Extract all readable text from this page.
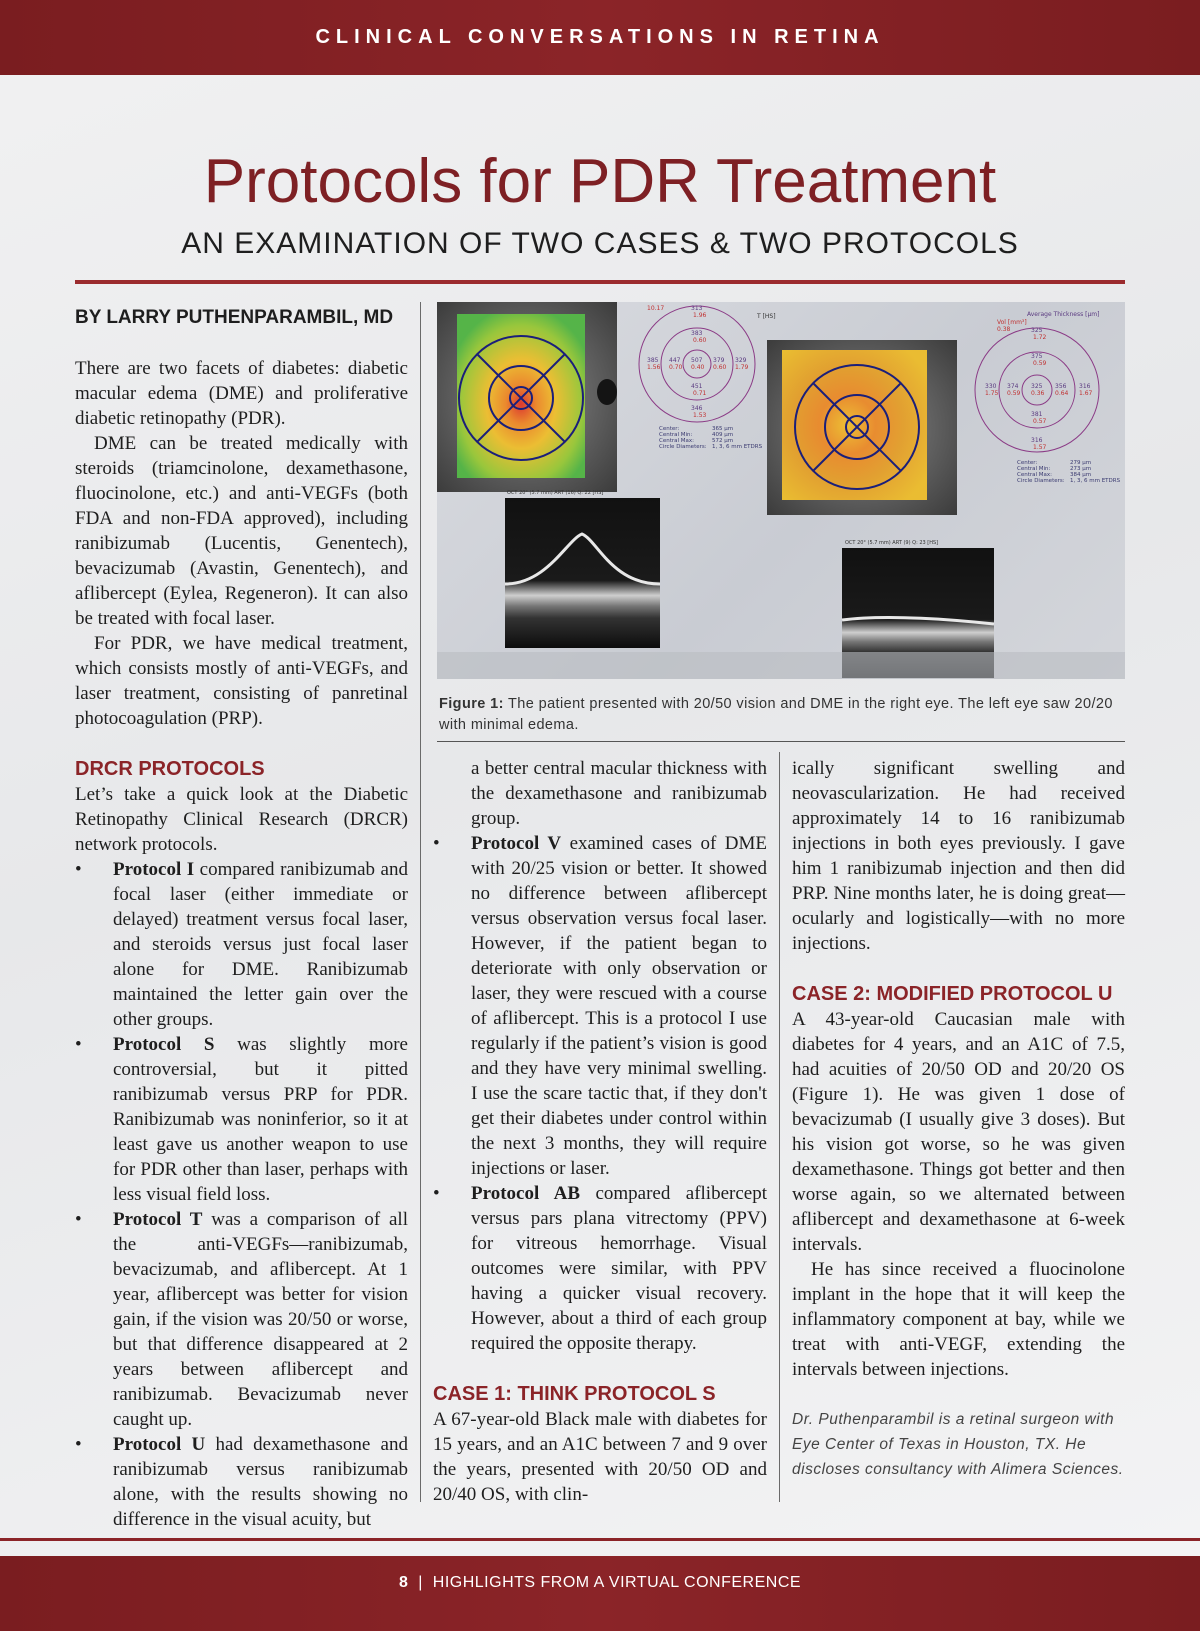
CLINICAL CONVERSATIONS IN RETINA
Protocols for PDR Treatment
AN EXAMINATION OF TWO CASES & TWO PROTOCOLS
BY LARRY PUTHENPARAMBIL, MD

There are two facets of diabetes: diabetic macular edema (DME) and proliferative diabetic retinopathy (PDR).

DME can be treated medically with steroids (triamcinolone, dexamethasone, fluocinolone, etc.) and anti-VEGFs (both FDA and non-FDA approved), including ranibizumab (Lucentis, Genentech), bevacizumab (Avastin, Genentech), and aflibercept (Eylea, Regeneron). It can also be treated with focal laser.

For PDR, we have medical treatment, which consists mostly of anti-VEGFs, and laser treatment, consisting of panretinal photocoagulation (PRP).

DRCR PROTOCOLS

Let’s take a quick look at the Diabetic Retinopathy Clinical Research (DRCR) network protocols.

• Protocol I compared ranibizumab and focal laser (either immediate or delayed) treatment versus focal laser, and steroids versus just focal laser alone for DME. Ranibizumab maintained the letter gain over the other groups.
• Protocol S was slightly more controversial, but it pitted ranibizumab versus PRP for PDR. Ranibizumab was noninferior, so it at least gave us another weapon to use for PDR other than laser, perhaps with less visual field loss.
• Protocol T was a comparison of all the anti-VEGFs—ranibizumab, bevacizumab, and aflibercept. At 1 year, aflibercept was better for vision gain, if the vision was 20/50 or worse, but that difference disappeared at 2 years between aflibercept and ranibizumab. Bevacizumab never caught up.
• Protocol U had dexamethasone and ranibizumab versus ranibizumab alone, with the results showing no difference in the visual acuity, but
313
1.96
383
0.60
385 447 507 379 329
1.56 0.70 0.40 0.60 1.79
451
0.71
346
1.53
10.17
Center:
Central Min:
Central Max:
Circle Diameters:
365 µm
409 µm
572 µm
1, 3, 6 mm ETDRS
OCT 20° (5.7 mm) ART (16) Q: 22 [HS]
T [HS]	Average Thickness [µm]
Vol [mm³]
0.38	325
1.72
375
0.59
330 374 325 356 316
1.75 0.59 0.36 0.64 1.67
381
0.57
316
1.57
Center:
Central Min:
Central Max:
Circle Diameters:
279 µm
273 µm
384 µm
1, 3, 6 mm ETDRS
OCT 20° (5.7 mm) ART (9) Q: 23 [HS]
Figure 1: The patient presented with 20/50 vision and DME in the right eye. The left eye saw 20/20 with minimal edema.
a better central macular thickness with the dexamethasone and ranibizumab group.
• Protocol V examined cases of DME with 20/25 vision or better. It showed no difference between aflibercept versus observation versus focal laser. However, if the patient began to deteriorate with only observation or laser, they were rescued with a course of aflibercept. This is a protocol I use regularly if the patient’s vision is good and they have very minimal swelling. I use the scare tactic that, if they don't get their diabetes under control within the next 3 months, they will require injections or laser.
• Protocol AB compared aflibercept versus pars plana vitrectomy (PPV) for vitreous hemorrhage. Visual outcomes were similar, with PPV having a quicker visual recovery. However, about a third of each group required the opposite therapy.
CASE 1: THINK PROTOCOL S

A 67-year-old Black male with diabetes for 15 years, and an A1C between 7 and 9 over the years, presented with 20/50 OD and 20/40 OS, with clin-

ically significant swelling and neovascularization. He had received approximately 14 to 16 ranibizumab injections in both eyes previously. I gave him 1 ranibizumab injection and then did PRP. Nine months later, he is doing great—ocularly and logistically—with no more injections.

CASE 2: MODIFIED PROTOCOL U

A 43-year-old Caucasian male with diabetes for 4 years, and an A1C of 7.5, had acuities of 20/50 OD and 20/20 OS (Figure 1). He was given 1 dose of bevacizumab (I usually give 3 doses). But his vision got worse, so he was given dexamethasone. Things got better and then worse again, so we alternated between aflibercept and dexamethasone at 6-week intervals.

He has since received a fluocinolone implant in the hope that it will keep the inflammatory component at bay, while we treat with anti-VEGF, extending the intervals between injections.

Dr. Puthenparambil is a retinal surgeon with Eye Center of Texas in Houston, TX. He discloses consultancy with Alimera Sciences.
8 | HIGHLIGHTS FROM A VIRTUAL CONFERENCE
